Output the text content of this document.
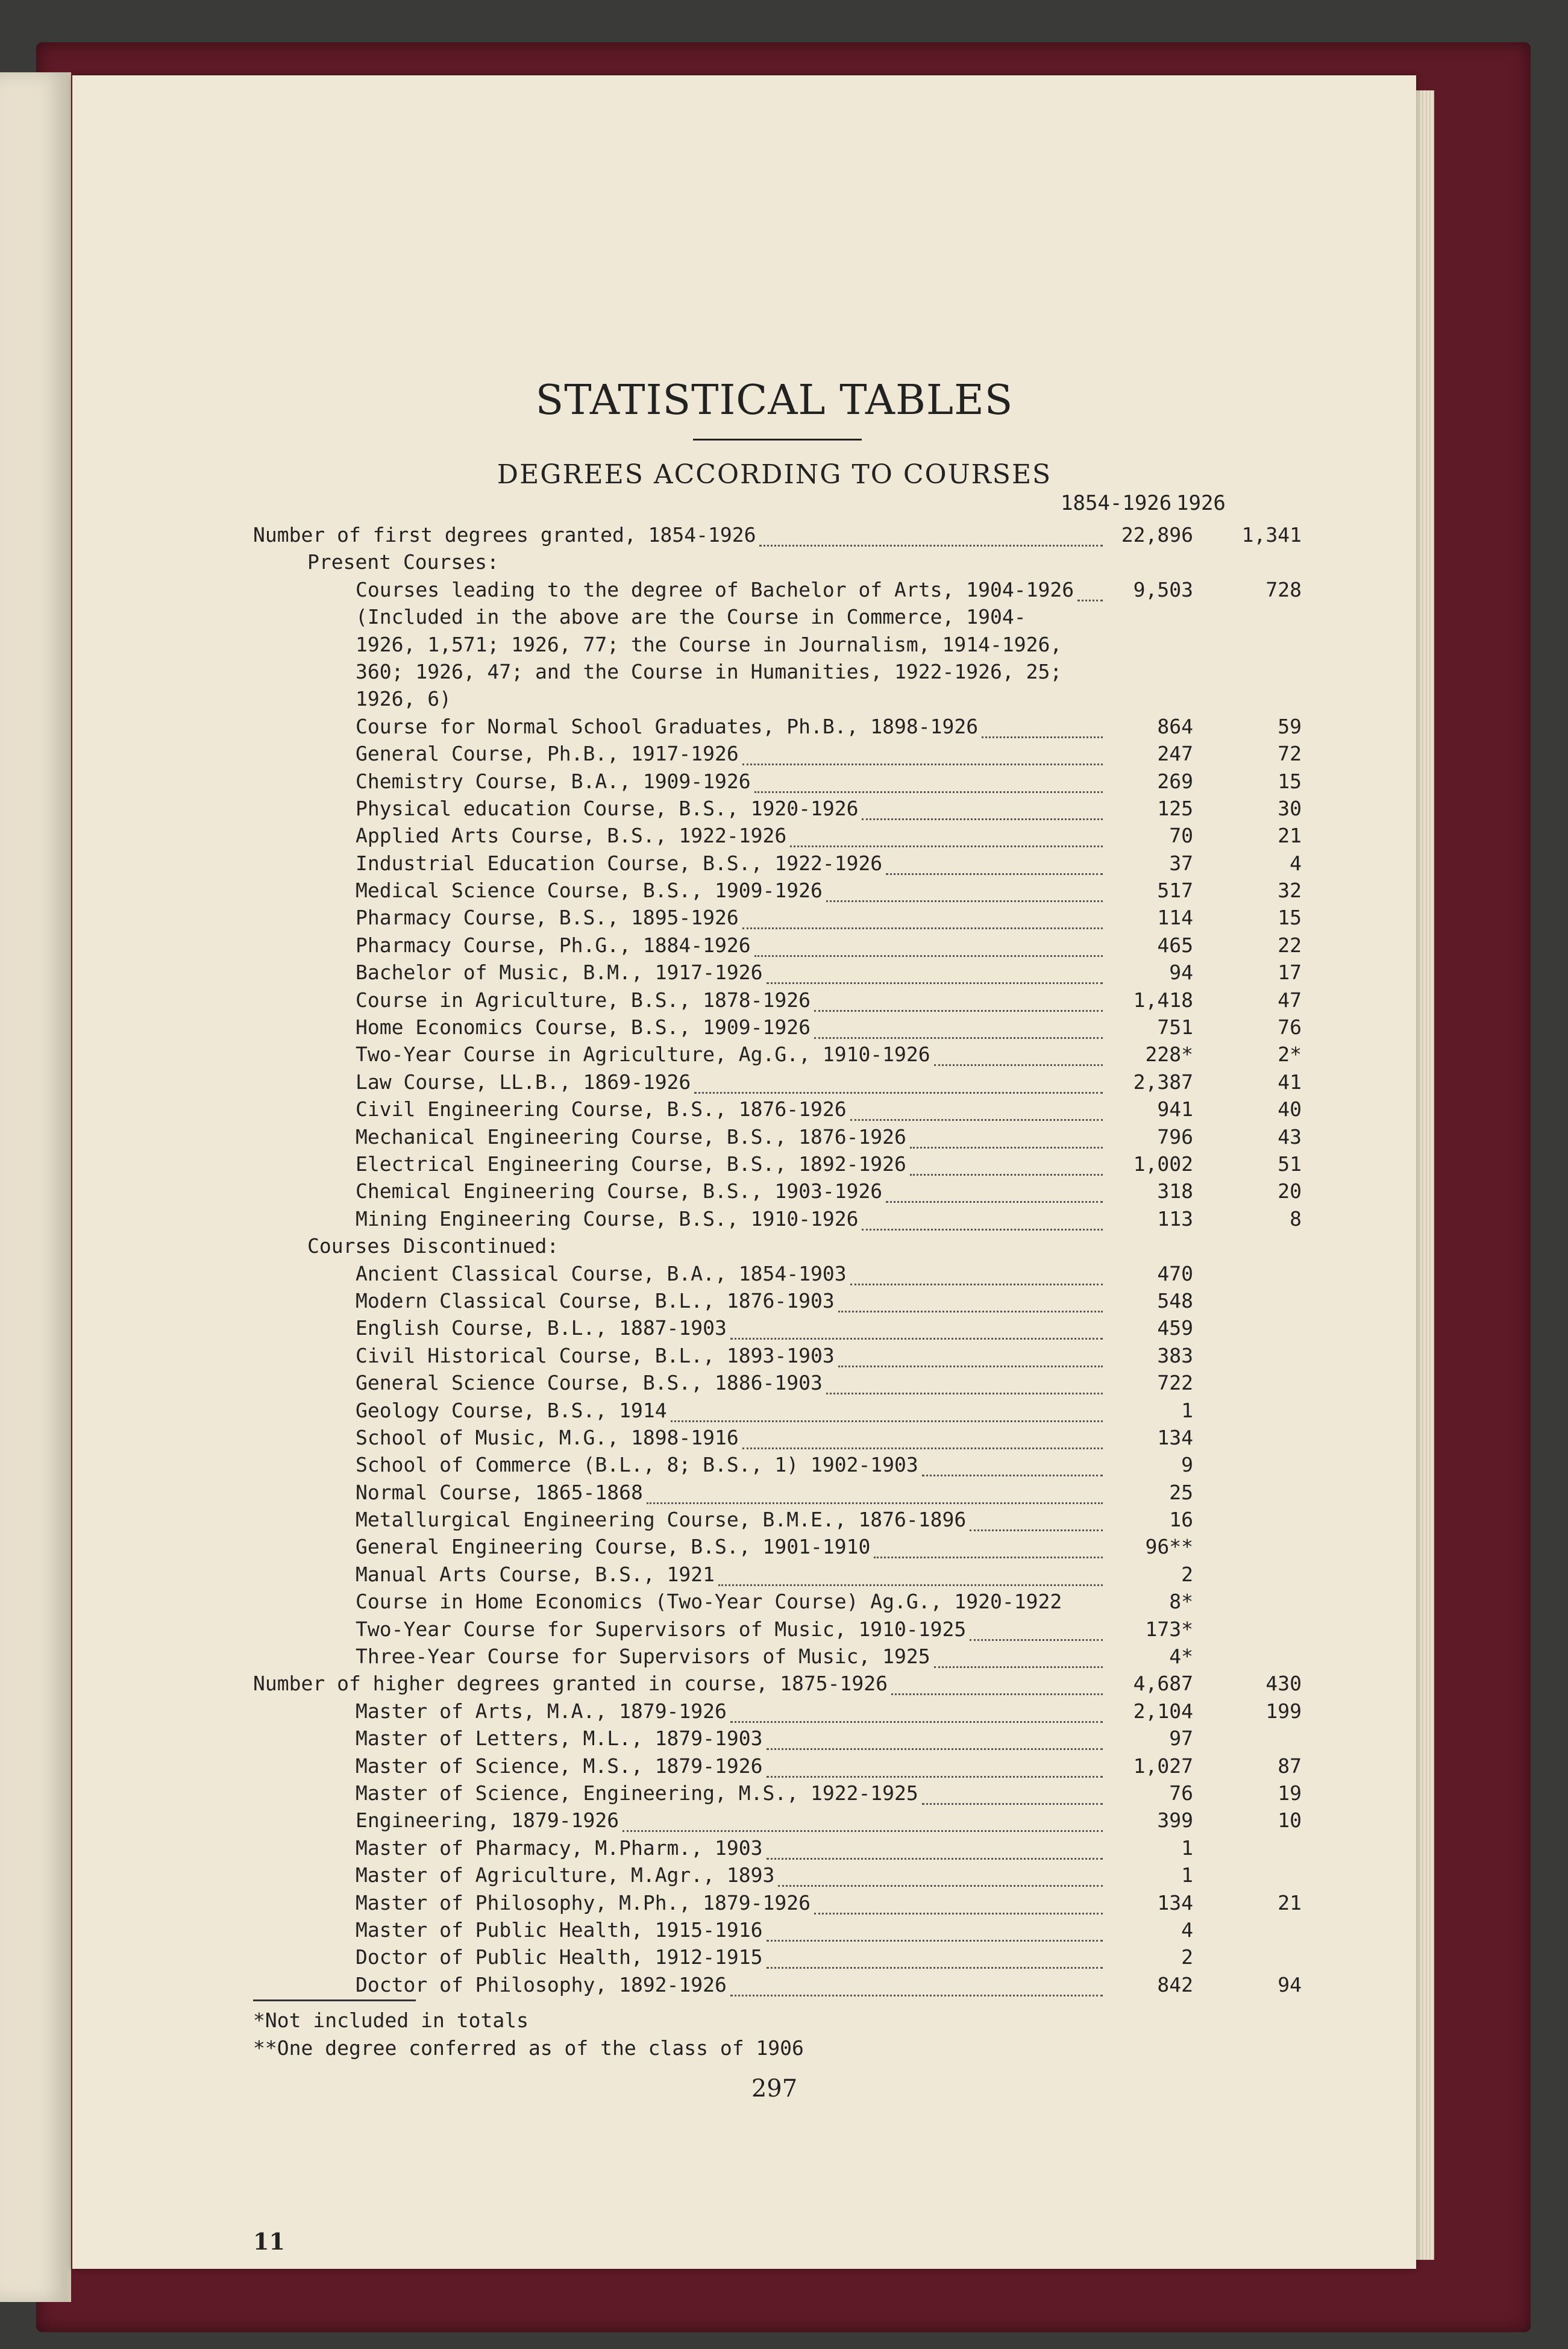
STATISTICAL TABLES
DEGREES ACCORDING TO COURSES
1854-1926 1926
Number of first degrees granted, 1854-1926	22,896 1,341
Present Courses:
Courses leading to the degree of Bachelor of Arts, 1904-1926	9,503	728
(Included in the above are the Course in Commerce, 1904-
1926, 1,571; 1926, 77; the Course in Journalism, 1914-1926,
360; 1926, 47; and the Course in Humanities, 1922-1926, 25;
1926, 6)
Course for Normal School Graduates, Ph.B., 1898-1926	864	59
General Course, Ph.B., 1917-1926	247	72
Chemistry Course, B.A., 1909-1926	269	15
Physical education Course, B.S., 1920-1926	125	30
Applied Arts Course, B.S., 1922-1926	70	21
Industrial Education Course, B.S., 1922-1926	37	4
Medical Science Course, B.S., 1909-1926	517	32
Pharmacy Course, B.S., 1895-1926	114	15
Pharmacy Course, Ph.G., 1884-1926	465	22
Bachelor of Music, B.M., 1917-1926	94	17
Course in Agriculture, B.S., 1878-1926	1,418	47
Home Economics Course, B.S., 1909-1926	751	76
Two-Year Course in Agriculture, Ag.G., 1910-1926	228*	2*
Law Course, LL.B., 1869-1926	2,387	41
Civil Engineering Course, B.S., 1876-1926	941	40
Mechanical Engineering Course, B.S., 1876-1926	796	43
Electrical Engineering Course, B.S., 1892-1926	1,002	51
Chemical Engineering Course, B.S., 1903-1926	318	20
Mining Engineering Course, B.S., 1910-1926	113	8
Courses Discontinued:
Ancient Classical Course, B.A., 1854-1903	470
Modern Classical Course, B.L., 1876-1903	548
English Course, B.L., 1887-1903	459
Civil Historical Course, B.L., 1893-1903	383
General Science Course, B.S., 1886-1903	722
Geology Course, B.S., 1914	1
School of Music, M.G., 1898-1916	134
School of Commerce (B.L., 8; B.S., 1) 1902-1903	9
Normal Course, 1865-1868	25
Metallurgical Engineering Course, B.M.E., 1876-1896	16
General Engineering Course, B.S., 1901-1910	96**
Manual Arts Course, B.S., 1921	2
Course in Home Economics (Two-Year Course) Ag.G., 1920-1922	8*
Two-Year Course for Supervisors of Music, 1910-1925	173*
Three-Year Course for Supervisors of Music, 1925	4*
Number of higher degrees granted in course, 1875-1926	4,687	430
Master of Arts, M.A., 1879-1926	2,104	199
Master of Letters, M.L., 1879-1903	97
Master of Science, M.S., 1879-1926	1,027	87
Master of Science, Engineering, M.S., 1922-1925	76	19
Engineering, 1879-1926	399	10
Master of Pharmacy, M.Pharm., 1903	1
Master of Agriculture, M.Agr., 1893	1
Master of Philosophy, M.Ph., 1879-1926	134	21
Master of Public Health, 1915-1916	4
Doctor of Public Health, 1912-1915	2
Doctor of Philosophy, 1892-1926	842	94
*Not included in totals
**One degree conferred as of the class of 1906
297
11
